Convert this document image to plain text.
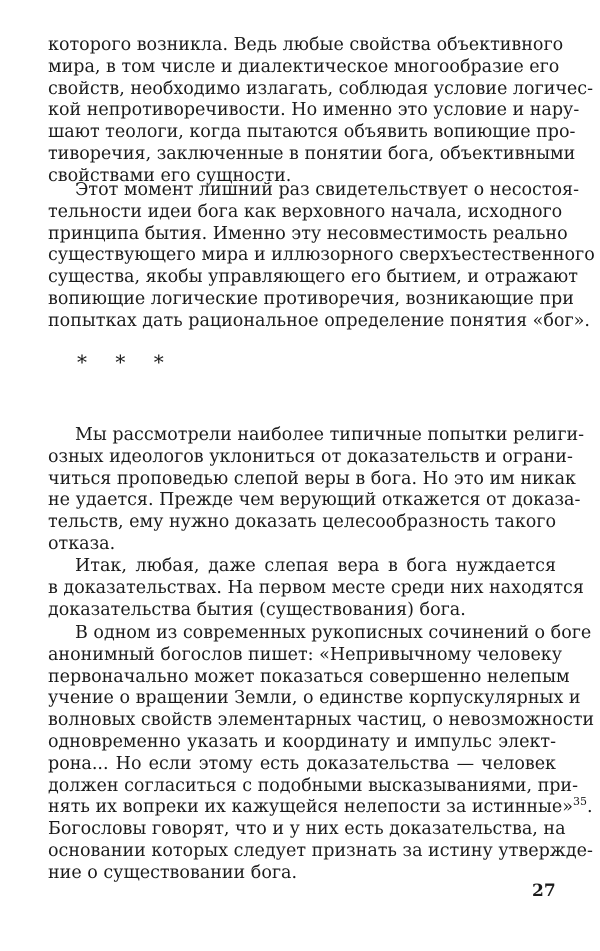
которого возникла. Ведь любые свойства объективного
мира, в том числе и диалектическое многообразие его
свойств, необходимо излагать, соблюдая условие логичес-
кой непротиворечивости. Но именно это условие и нару-
шают теологи, когда пытаются объявить вопиющие про-
тиворечия, заключенные в понятии бога, объективными
свойствами его сущности.
Этот момент лишний раз свидетельствует о несостоя-
тельности идеи бога как верховного начала, исходного
принципа бытия. Именно эту несовместимость реально
существующего мира и иллюзорного сверхъестественного
существа, якобы управляющего его бытием, и отражают
вопиющие логические противоречия, возникающие при
попытках дать рациональное определение понятия «бог».
* * *
Мы рассмотрели наиболее типичные попытки религи-
озных идеологов уклониться от доказательств и ограни-
читься проповедью слепой веры в бога. Но это им никак
не удается. Прежде чем верующий откажется от доказа-
тельств, ему нужно доказать целесообразность такого
отказа.
Итак, любая, даже слепая вера в бога нуждается
в доказательствах. На первом месте среди них находятся
доказательства бытия (существования) бога.
В одном из современных рукописных сочинений о боге
анонимный богослов пишет: «Непривычному человеку
первоначально может показаться совершенно нелепым
учение о вращении Земли, о единстве корпускулярных и
волновых свойств элементарных частиц, о невозможности
одновременно указать и координату и импульс элект-
рона... Но если этому есть доказательства — человек
должен согласиться с подобными высказываниями, при-
нять их вопреки их кажущейся нелепости за истинные»$^{35}$.
Богословы говорят, что и у них есть доказательства, на
основании которых следует признать за истину утвержде-
ние о существовании бога.
27
